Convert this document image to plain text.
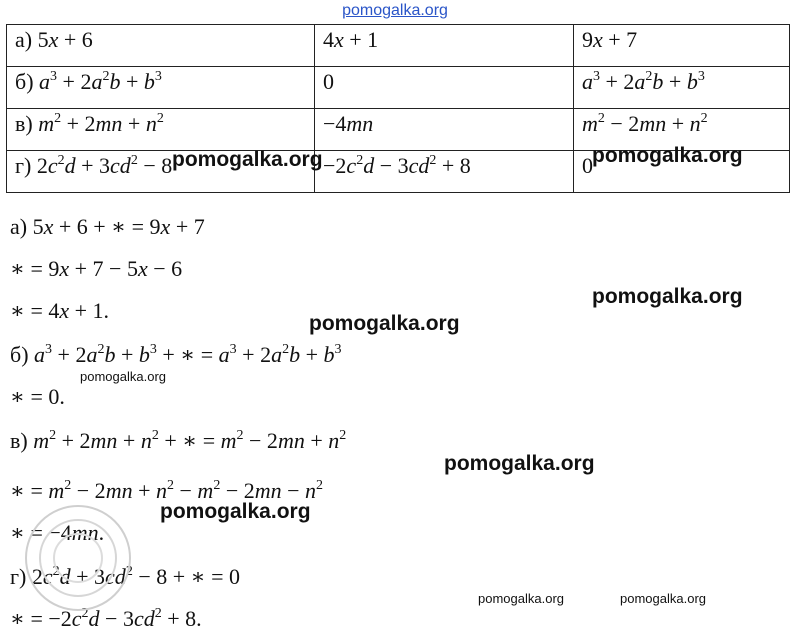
pomogalka.org
а) 5x + 6	4x + 1	9x + 7
б) $a^3 + 2a^2b + b^3$	0	$a^3 + 2a^2b + b^3$
в) $m^2 + 2mn + n^2$	−4mn	$m^2 - 2mn + n^2$
г) $2c^2d + 3cd^2 - 8$	$-2c^2d - 3cd^2 + 8$	0
а) 5x + 6 + ∗ = 9x + 7
∗ = 9x + 7 − 5x − 6
∗ = 4x + 1.
б) $a^3 + 2a^2b + b^3$ + ∗ = $a^3 + 2a^2b + b^3$
∗ = 0.
в) $m^2 + 2mn + n^2$ + ∗ = $m^2 - 2mn + n^2$
∗ = $m^2 - 2mn + n^2 - m^2 - 2mn - n^2$
∗ = −4mn.
г) $2c^2d + 3cd^2 - 8$ + ∗ = 0
∗ = $-2c^2d - 3cd^2 + 8$.
pomogalka.org	pomogalka.org
pomogalka.org
pomogalka.org
pomogalka.org
pomogalka.org
pomogalka.org
pomogalka.org	pomogalka.org
